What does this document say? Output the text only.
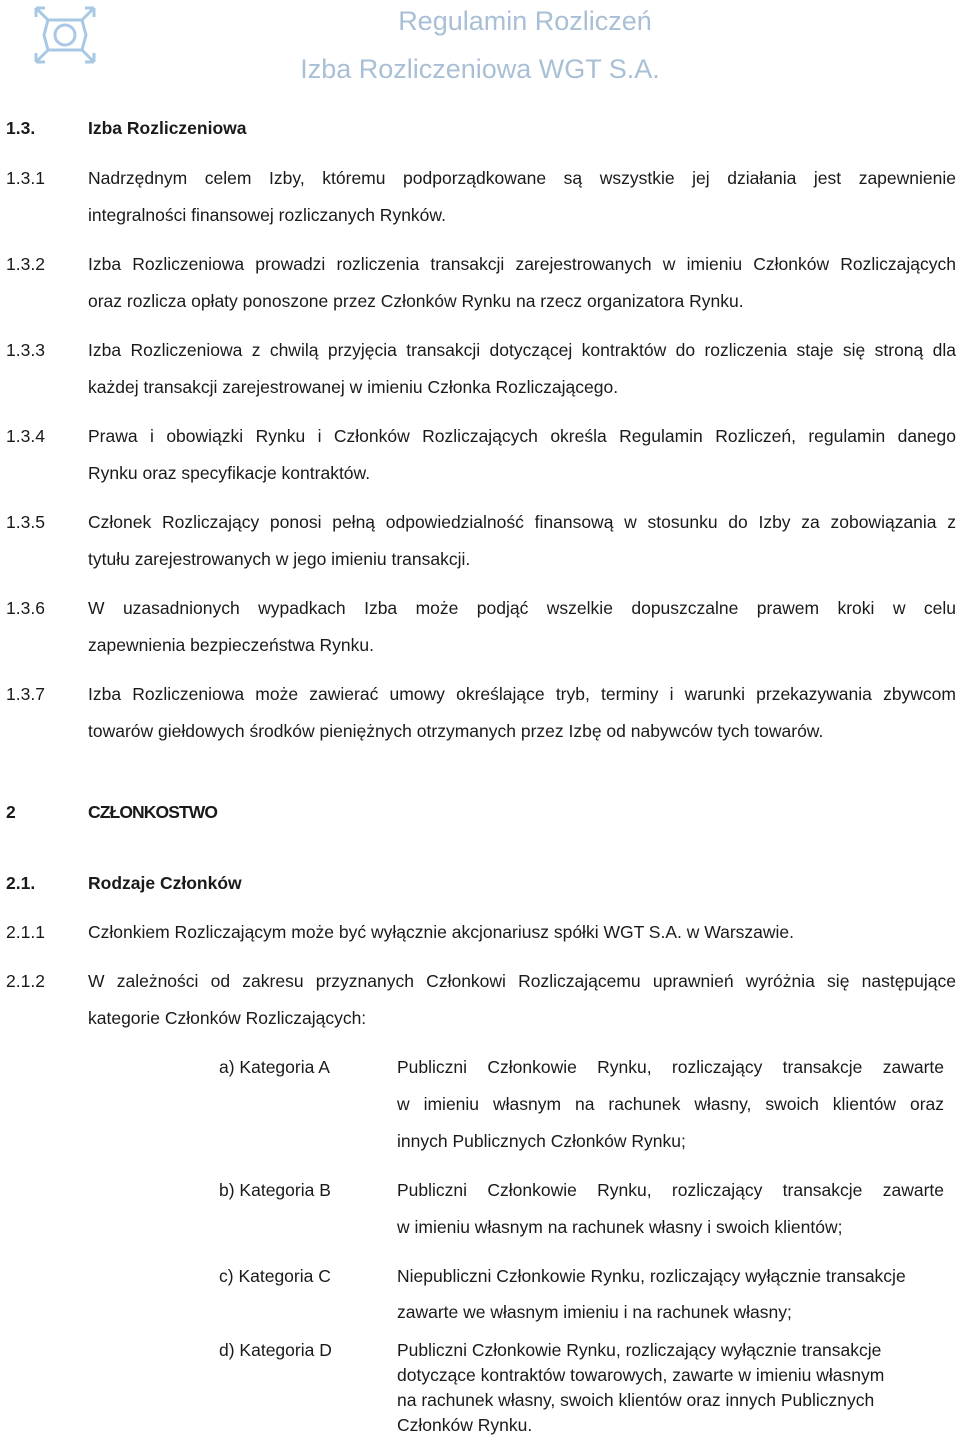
Regulamin Rozliczeń
Izba Rozliczeniowa WGT S.A.
1.3.	Izba Rozliczeniowa
1.3.1 Nadrzędnym celem Izby, któremu podporządkowane są wszystkie jej działania jest zapewnienie
integralności finansowej rozliczanych Rynków.
1.3.2 Izba Rozliczeniowa prowadzi rozliczenia transakcji zarejestrowanych w imieniu Członków Rozliczających
oraz rozlicza opłaty ponoszone przez Członków Rynku na rzecz organizatora Rynku.
1.3.3 Izba Rozliczeniowa z chwilą przyjęcia transakcji dotyczącej kontraktów do rozliczenia staje się stroną dla
każdej transakcji zarejestrowanej w imieniu Członka Rozliczającego.
1.3.4 Prawa i obowiązki Rynku i Członków Rozliczających określa Regulamin Rozliczeń, regulamin danego
Rynku oraz specyfikacje kontraktów.
1.3.5 Członek Rozliczający ponosi pełną odpowiedzialność finansową w stosunku do Izby za zobowiązania z
tytułu zarejestrowanych w jego imieniu transakcji.
1.3.6 W uzasadnionych wypadkach Izba może podjąć wszelkie dopuszczalne prawem kroki w celu
zapewnienia bezpieczeństwa Rynku.
1.3.7 Izba Rozliczeniowa może zawierać umowy określające tryb, terminy i warunki przekazywania zbywcom
towarów giełdowych środków pieniężnych otrzymanych przez Izbę od nabywców tych towarów.
2	CZŁONKOSTWO
2.1.	Rodzaje Członków
2.1.1 Członkiem Rozliczającym może być wyłącznie akcjonariusz spółki WGT S.A. w Warszawie.
2.1.2 W zależności od zakresu przyznanych Członkowi Rozliczającemu uprawnień wyróżnia się następujące
kategorie Członków Rozliczających:
a) Kategoria A	Publiczni Członkowie Rynku, rozliczający transakcje zawarte
w imieniu własnym na rachunek własny, swoich klientów oraz
innych Publicznych Członków Rynku;
b) Kategoria B	Publiczni Członkowie Rynku, rozliczający transakcje zawarte
w imieniu własnym na rachunek własny i swoich klientów;
c) Kategoria C	Niepubliczni Członkowie Rynku, rozliczający wyłącznie transakcje
zawarte we własnym imieniu i na rachunek własny;
d) Kategoria D	Publiczni Członkowie Rynku, rozliczający wyłącznie transakcje
dotyczące kontraktów towarowych, zawarte w imieniu własnym
na rachunek własny, swoich klientów oraz innych Publicznych
Członków Rynku.
